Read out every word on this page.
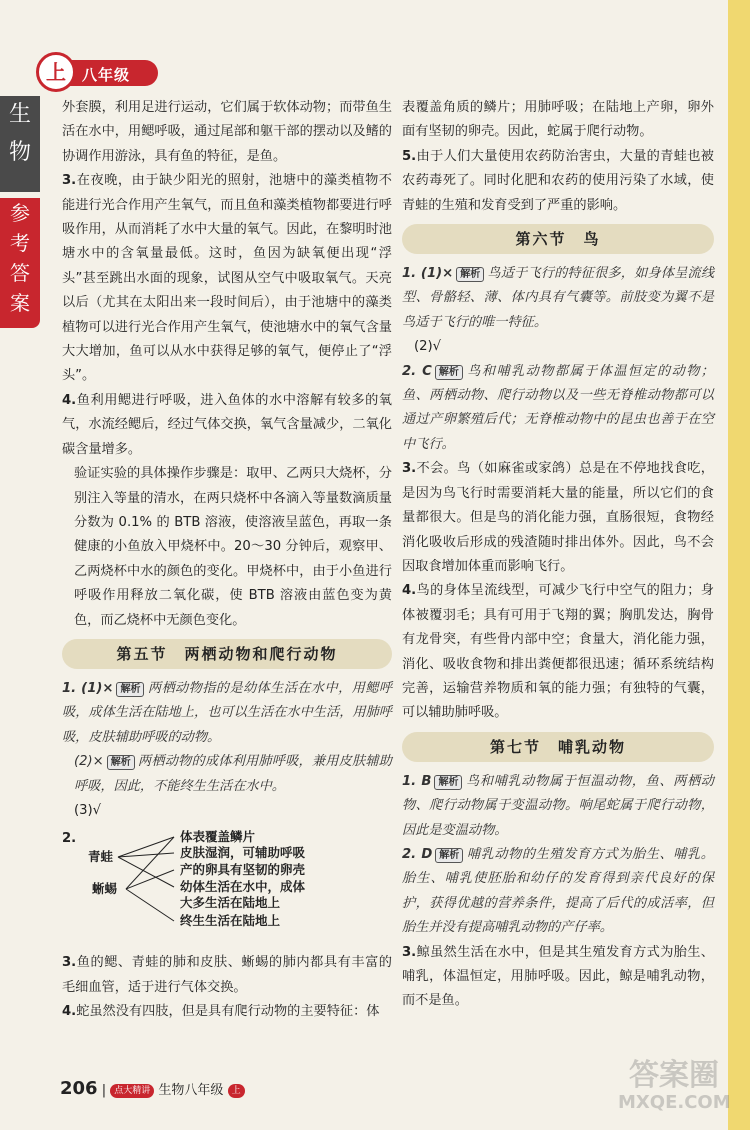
上	八年级
生
物
参
考
答
案

外套膜，利用足进行运动，它们属于软体动物；而带鱼生活在水中，用鳃呼吸，通过尾部和躯干部的摆动以及鳍的协调作用游泳，具有鱼的特征，是鱼。

3.在夜晚，由于缺少阳光的照射，池塘中的藻类植物不能进行光合作用产生氧气，而且鱼和藻类植物都要进行呼吸作用，从而消耗了水中大量的氧气。因此，在黎明时池塘水中的含氧量最低。这时，鱼因为缺氧便出现“浮头”甚至跳出水面的现象，试图从空气中吸取氧气。天亮以后（尤其在太阳出来一段时间后），由于池塘中的藻类植物可以进行光合作用产生氧气，使池塘水中的氧气含量大大增加，鱼可以从水中获得足够的氧气，便停止了“浮头”。

4.鱼利用鳃进行呼吸，进入鱼体的水中溶解有较多的氧气，水流经鳃后，经过气体交换，氧气含量减少，二氧化碳含量增多。

验证实验的具体操作步骤是：取甲、乙两只大烧杯，分别注入等量的清水，在两只烧杯中各滴入等量数滴质量分数为 0.1% 的 BTB 溶液，使溶液呈蓝色，再取一条健康的小鱼放入甲烧杯中。20～30 分钟后，观察甲、乙两烧杯中水的颜色的变化。甲烧杯中，由于小鱼进行呼吸作用释放二氧化碳，使 BTB 溶液由蓝色变为黄色，而乙烧杯中无颜色变化。

第五节　两栖动物和爬行动物

1. (1)× 解析 两栖动物指的是幼体生活在水中，用鳃呼吸，成体生活在陆地上，也可以生活在水中生活，用肺呼吸，皮肤辅助呼吸的动物。

(2)× 解析 两栖动物的成体利用肺呼吸，兼用皮肤辅助呼吸，因此，不能终生生活在水中。

(3)√

2.
青蛙
蜥蜴
体表覆盖鳞片
皮肤湿润，可辅助呼吸
产的卵具有坚韧的卵壳
幼体生活在水中，成体
大多生活在陆地上
终生生活在陆地上

3.鱼的鳃、青蛙的肺和皮肤、蜥蜴的肺内都具有丰富的毛细血管，适于进行气体交换。

4.蛇虽然没有四肢，但是具有爬行动物的主要特征：体

表覆盖角质的鳞片；用肺呼吸；在陆地上产卵，卵外面有坚韧的卵壳。因此，蛇属于爬行动物。

5.由于人们大量使用农药防治害虫，大量的青蛙也被农药毒死了。同时化肥和农药的使用污染了水域，使青蛙的生殖和发育受到了严重的影响。

第六节　鸟

1. (1)× 解析 鸟适于飞行的特征很多，如身体呈流线型、骨骼轻、薄、体内具有气囊等。前肢变为翼不是鸟适于飞行的唯一特征。

(2)√

2. C 解析 鸟和哺乳动物都属于体温恒定的动物；鱼、两栖动物、爬行动物以及一些无脊椎动物都可以通过产卵繁殖后代；无脊椎动物中的昆虫也善于在空中飞行。

3.不会。鸟（如麻雀或家鸽）总是在不停地找食吃，是因为鸟飞行时需要消耗大量的能量，所以它们的食量都很大。但是鸟的消化能力强，直肠很短，食物经消化吸收后形成的残渣随时排出体外。因此，鸟不会因取食增加体重而影响飞行。

4.鸟的身体呈流线型，可减少飞行中空气的阻力；身体被覆羽毛；具有可用于飞翔的翼；胸肌发达，胸骨有龙骨突，有些骨内部中空；食量大，消化能力强，消化、吸收食物和排出粪便都很迅速；循环系统结构完善，运输营养物质和氧的能力强；有独特的气囊，可以辅助肺呼吸。

第七节　哺乳动物

1. B 解析 鸟和哺乳动物属于恒温动物，鱼、两栖动物、爬行动物属于变温动物。响尾蛇属于爬行动物，因此是变温动物。

2. D 解析 哺乳动物的生殖发育方式为胎生、哺乳。胎生、哺乳使胚胎和幼仔的发育得到亲代良好的保护，获得优越的营养条件，提高了后代的成活率，但胎生并没有提高哺乳动物的产仔率。

3.鲸虽然生活在水中，但是其生殖发育方式为胎生、哺乳，体温恒定，用肺呼吸。因此，鲸是哺乳动物，而不是鱼。

206 | 点大精讲 生物八年级 上	答案圈
MXQE.COM
